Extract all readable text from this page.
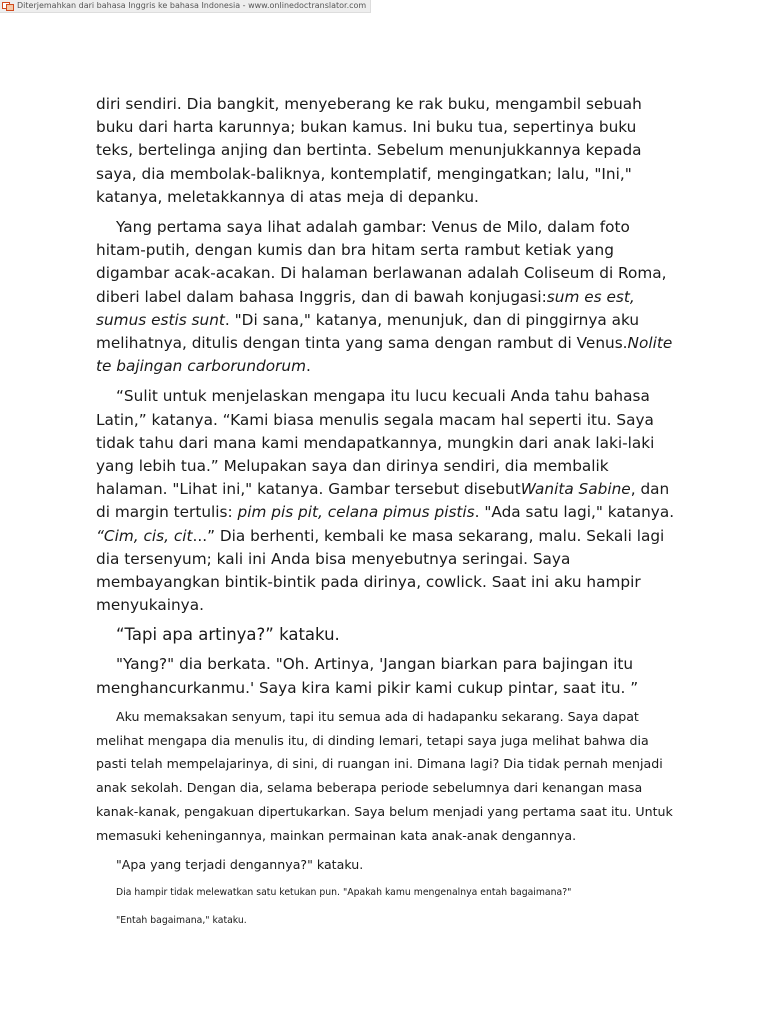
Diterjemahkan dari bahasa Inggris ke bahasa Indonesia - www.onlinedoctranslator.com

diri sendiri. Dia bangkit, menyeberang ke rak buku, mengambil sebuah buku dari harta karunnya; bukan kamus. Ini buku tua, sepertinya buku teks, bertelinga anjing dan bertinta. Sebelum menunjukkannya kepada saya, dia membolak-baliknya, kontemplatif, mengingatkan; lalu, "Ini," katanya, meletakkannya di atas meja di depanku.

Yang pertama saya lihat adalah gambar: Venus de Milo, dalam foto hitam-putih, dengan kumis dan bra hitam serta rambut ketiak yang digambar acak-acakan. Di halaman berlawanan adalah Coliseum di Roma, diberi label dalam bahasa Inggris, dan di bawah konjugasi:sum es est, sumus estis sunt. "Di sana," katanya, menunjuk, dan di pinggirnya aku melihatnya, ditulis dengan tinta yang sama dengan rambut di Venus.Nolite te bajingan carborundorum.

“Sulit untuk menjelaskan mengapa itu lucu kecuali Anda tahu bahasa Latin,” katanya. “Kami biasa menulis segala macam hal seperti itu. Saya tidak tahu dari mana kami mendapatkannya, mungkin dari anak laki-laki yang lebih tua.” Melupakan saya dan dirinya sendiri, dia membalik halaman. "Lihat ini," katanya. Gambar tersebut disebutWanita Sabine, dan di margin tertulis: pim pis pit, celana pimus pistis. "Ada satu lagi," katanya. “Cim, cis, cit...” Dia berhenti, kembali ke masa sekarang, malu. Sekali lagi dia tersenyum; kali ini Anda bisa menyebutnya seringai. Saya membayangkan bintik-bintik pada dirinya, cowlick. Saat ini aku hampir menyukainya.

“Tapi apa artinya?” kataku.

"Yang?" dia berkata. "Oh. Artinya, 'Jangan biarkan para bajingan itu menghancurkanmu.' Saya kira kami pikir kami cukup pintar, saat itu. ”

Aku memaksakan senyum, tapi itu semua ada di hadapanku sekarang. Saya dapat melihat mengapa dia menulis itu, di dinding lemari, tetapi saya juga melihat bahwa dia pasti telah mempelajarinya, di sini, di ruangan ini. Dimana lagi? Dia tidak pernah menjadi anak sekolah. Dengan dia, selama beberapa periode sebelumnya dari kenangan masa kanak-kanak, pengakuan dipertukarkan. Saya belum menjadi yang pertama saat itu. Untuk memasuki keheningannya, mainkan permainan kata anak-anak dengannya.

"Apa yang terjadi dengannya?" kataku.

Dia hampir tidak melewatkan satu ketukan pun. "Apakah kamu mengenalnya entah bagaimana?"

"Entah bagaimana," kataku.
